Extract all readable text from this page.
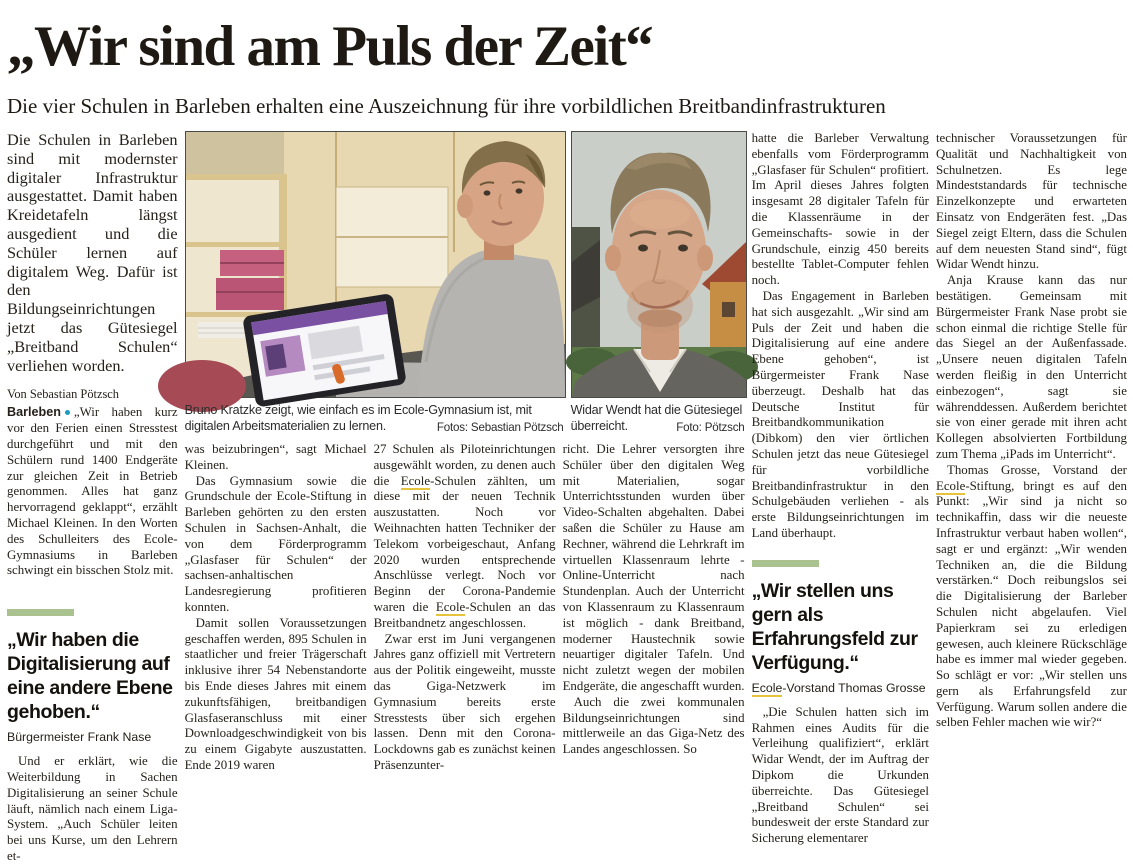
„Wir sind am Puls der Zeit“
Die vier Schulen in Barleben erhalten eine Auszeichnung für ihre vorbildlichen Breitbandinfrastrukturen

Die Schulen in Barleben sind mit modernster digitaler Infrastruktur ausgestattet. Damit haben Kreidetafeln längst ausgedient und die Schüler lernen auf digitalem Weg. Dafür ist den Bildungseinrichtungen jetzt das Gütesiegel „Breitband Schulen“ verliehen worden.

Von Sebastian Pötzsch

Barleben „Wir haben kurz vor den Ferien einen Stresstest durchgeführt und mit den Schülern rund 1400 Endgeräte zur gleichen Zeit in Betrieb genommen. Alles hat ganz hervorragend geklappt“, erzählt Michael Kleinen. In den Worten des Schulleiters des Ecole-Gymnasiums in Barleben schwingt ein bisschen Stolz mit.

„Wir haben die Digitalisierung auf eine andere Ebene gehoben.“

Bürgermeister Frank Nase

Und er erklärt, wie die Weiterbildung in Sachen Digitalisierung an seiner Schule läuft, nämlich nach einem Liga-System. „Auch Schüler leiten bei uns Kurse, um den Lehrern et-

Bruno Kratzke zeigt, wie einfach es im Ecole-Gymnasium ist, mit digitalen Arbeitsmaterialien zu lernen.	Fotos: Sebastian Pötzsch
Widar Wendt hat die Gütesiegel überreicht.	Foto: Pötzsch

was beizubringen“, sagt Michael Kleinen.

Das Gymnasium sowie die Grundschule der Ecole-Stiftung in Barleben gehörten zu den ersten Schulen in Sachsen-Anhalt, die von dem Förderprogramm „Glasfaser für Schulen“ der sachsen-anhaltischen Landesregierung profitieren konnten.

Damit sollen Voraussetzungen geschaffen werden, 895 Schulen in staatlicher und freier Trägerschaft inklusive ihrer 54 Nebenstandorte bis Ende dieses Jahres mit einem zukunftsfähigen, breitbandigen Glasfaseranschluss mit einer Downloadgeschwindigkeit von bis zu einem Gigabyte auszustatten. Ende 2019 waren

27 Schulen als Piloteinrichtungen ausgewählt worden, zu denen auch die Ecole-Schulen zählten, um diese mit der neuen Technik auszustatten. Noch vor Weihnachten hatten Techniker der Telekom vorbeigeschaut, Anfang 2020 wurden entsprechende Anschlüsse verlegt. Noch vor Beginn der Corona-Pandemie waren die Ecole-Schulen an das Breitbandnetz angeschlossen.

Zwar erst im Juni vergangenen Jahres ganz offiziell mit Vertretern aus der Politik eingeweiht, musste das Giga-Netzwerk im Gymnasium bereits erste Stresstests über sich ergehen lassen. Denn mit den Corona-Lockdowns gab es zunächst keinen Präsenzunter-

richt. Die Lehrer versorgten ihre Schüler über den digitalen Weg mit Materialien, sogar Unterrichtsstunden wurden über Video-Schalten abgehalten. Dabei saßen die Schüler zu Hause am Rechner, während die Lehrkraft im virtuellen Klassenraum lehrte - Online-Unterricht nach Stundenplan. Auch der Unterricht von Klassenraum zu Klassenraum ist möglich - dank Breitband, moderner Haustechnik sowie neuartiger digitaler Tafeln. Und nicht zuletzt wegen der mobilen Endgeräte, die angeschafft wurden.

Auch die zwei kommunalen Bildungseinrichtungen sind mittlerweile an das Giga-Netz des Landes angeschlossen. So

hatte die Barleber Verwaltung ebenfalls vom Förderprogramm „Glasfaser für Schulen“ profitiert. Im April dieses Jahres folgten insgesamt 28 digitaler Tafeln für die Klassenräume in der Gemeinschafts- sowie in der Grundschule, einzig 450 bereits bestellte Tablet-Computer fehlen noch.

Das Engagement in Barleben hat sich ausgezahlt. „Wir sind am Puls der Zeit und haben die Digitalisierung auf eine andere Ebene gehoben“, ist Bürgermeister Frank Nase überzeugt. Deshalb hat das Deutsche Institut für Breitbandkommunikation (Dibkom) den vier örtlichen Schulen jetzt das neue Gütesiegel für vorbildliche Breitbandinfrastruktur in den Schulgebäuden verliehen - als erste Bildungseinrichtungen im Land überhaupt.

„Wir stellen uns gern als Erfahrungsfeld zur Verfügung.“

Ecole-Vorstand Thomas Grosse

„Die Schulen hatten sich im Rahmen eines Audits für die Verleihung qualifiziert“, erklärt Widar Wendt, der im Auftrag der Dipkom die Urkunden überreichte. Das Gütesiegel „Breitband Schulen“ sei bundesweit der erste Standard zur Sicherung elementarer

technischer Voraussetzungen für Qualität und Nachhaltigkeit von Schulnetzen. Es lege Mindeststandards für technische Einzelkonzepte und erwarteten Einsatz von Endgeräten fest. „Das Siegel zeigt Eltern, dass die Schulen auf dem neuesten Stand sind“, fügt Widar Wendt hinzu.

Anja Krause kann das nur bestätigen. Gemeinsam mit Bürgermeister Frank Nase probt sie schon einmal die richtige Stelle für das Siegel an der Außenfassade. „Unsere neuen digitalen Tafeln werden fleißig in den Unterricht einbezogen“, sagt sie währenddessen. Außerdem berichtet sie von einer gerade mit ihren acht Kollegen absolvierten Fortbildung zum Thema „iPads im Unterricht“.

Thomas Grosse, Vorstand der Ecole-Stiftung, bringt es auf den Punkt: „Wir sind ja nicht so technikaffin, dass wir die neueste Infrastruktur verbaut haben wollen“, sagt er und ergänzt: „Wir wenden Techniken an, die die Bildung verstärken.“ Doch reibungslos sei die Digitalisierung der Barleber Schulen nicht abgelaufen. Viel Papierkram sei zu erledigen gewesen, auch kleinere Rückschläge habe es immer mal wieder gegeben. So schlägt er vor: „Wir stellen uns gern als Erfahrungsfeld zur Verfügung. Warum sollen andere die selben Fehler machen wie wir?“
